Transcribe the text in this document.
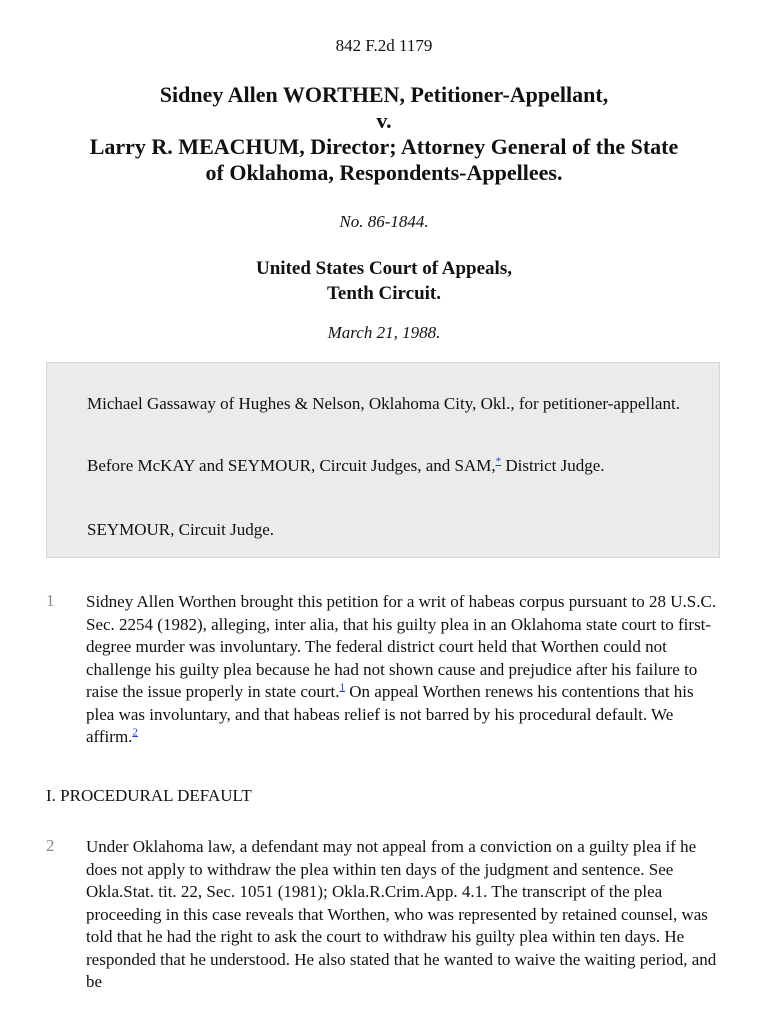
842 F.2d 1179
Sidney Allen WORTHEN, Petitioner-Appellant,
v.
Larry R. MEACHUM, Director; Attorney General of the State
of Oklahoma, Respondents-Appellees.
No. 86-1844.
United States Court of Appeals,
Tenth Circuit.
March 21, 1988.

Michael Gassaway of Hughes & Nelson, Oklahoma City, Okl., for petitioner-appellant.

Before McKAY and SEYMOUR, Circuit Judges, and SAM,* District Judge.

SEYMOUR, Circuit Judge.

1 Sidney Allen Worthen brought this petition for a writ of habeas corpus pursuant to 28 U.S.C. Sec. 2254 (1982), alleging, inter alia, that his guilty plea in an Oklahoma state court to first-degree murder was involuntary. The federal district court held that Worthen could not challenge his guilty plea because he had not shown cause and prejudice after his failure to raise the issue properly in state court.$^1$ On appeal Worthen renews his contentions that his plea was involuntary, and that habeas relief is not barred by his procedural default. We affirm.$^2$

I. PROCEDURAL DEFAULT
2 Under Oklahoma law, a defendant may not appeal from a conviction on a guilty plea if he does not apply to withdraw the plea within ten days of the judgment and sentence. See Okla.Stat. tit. 22, Sec. 1051 (1981); Okla.R.Crim.App. 4.1. The transcript of the plea proceeding in this case reveals that Worthen, who was represented by retained counsel, was told that he had the right to ask the court to withdraw his guilty plea within ten days. He responded that he understood. He also stated that he wanted to waive the waiting period, and be
